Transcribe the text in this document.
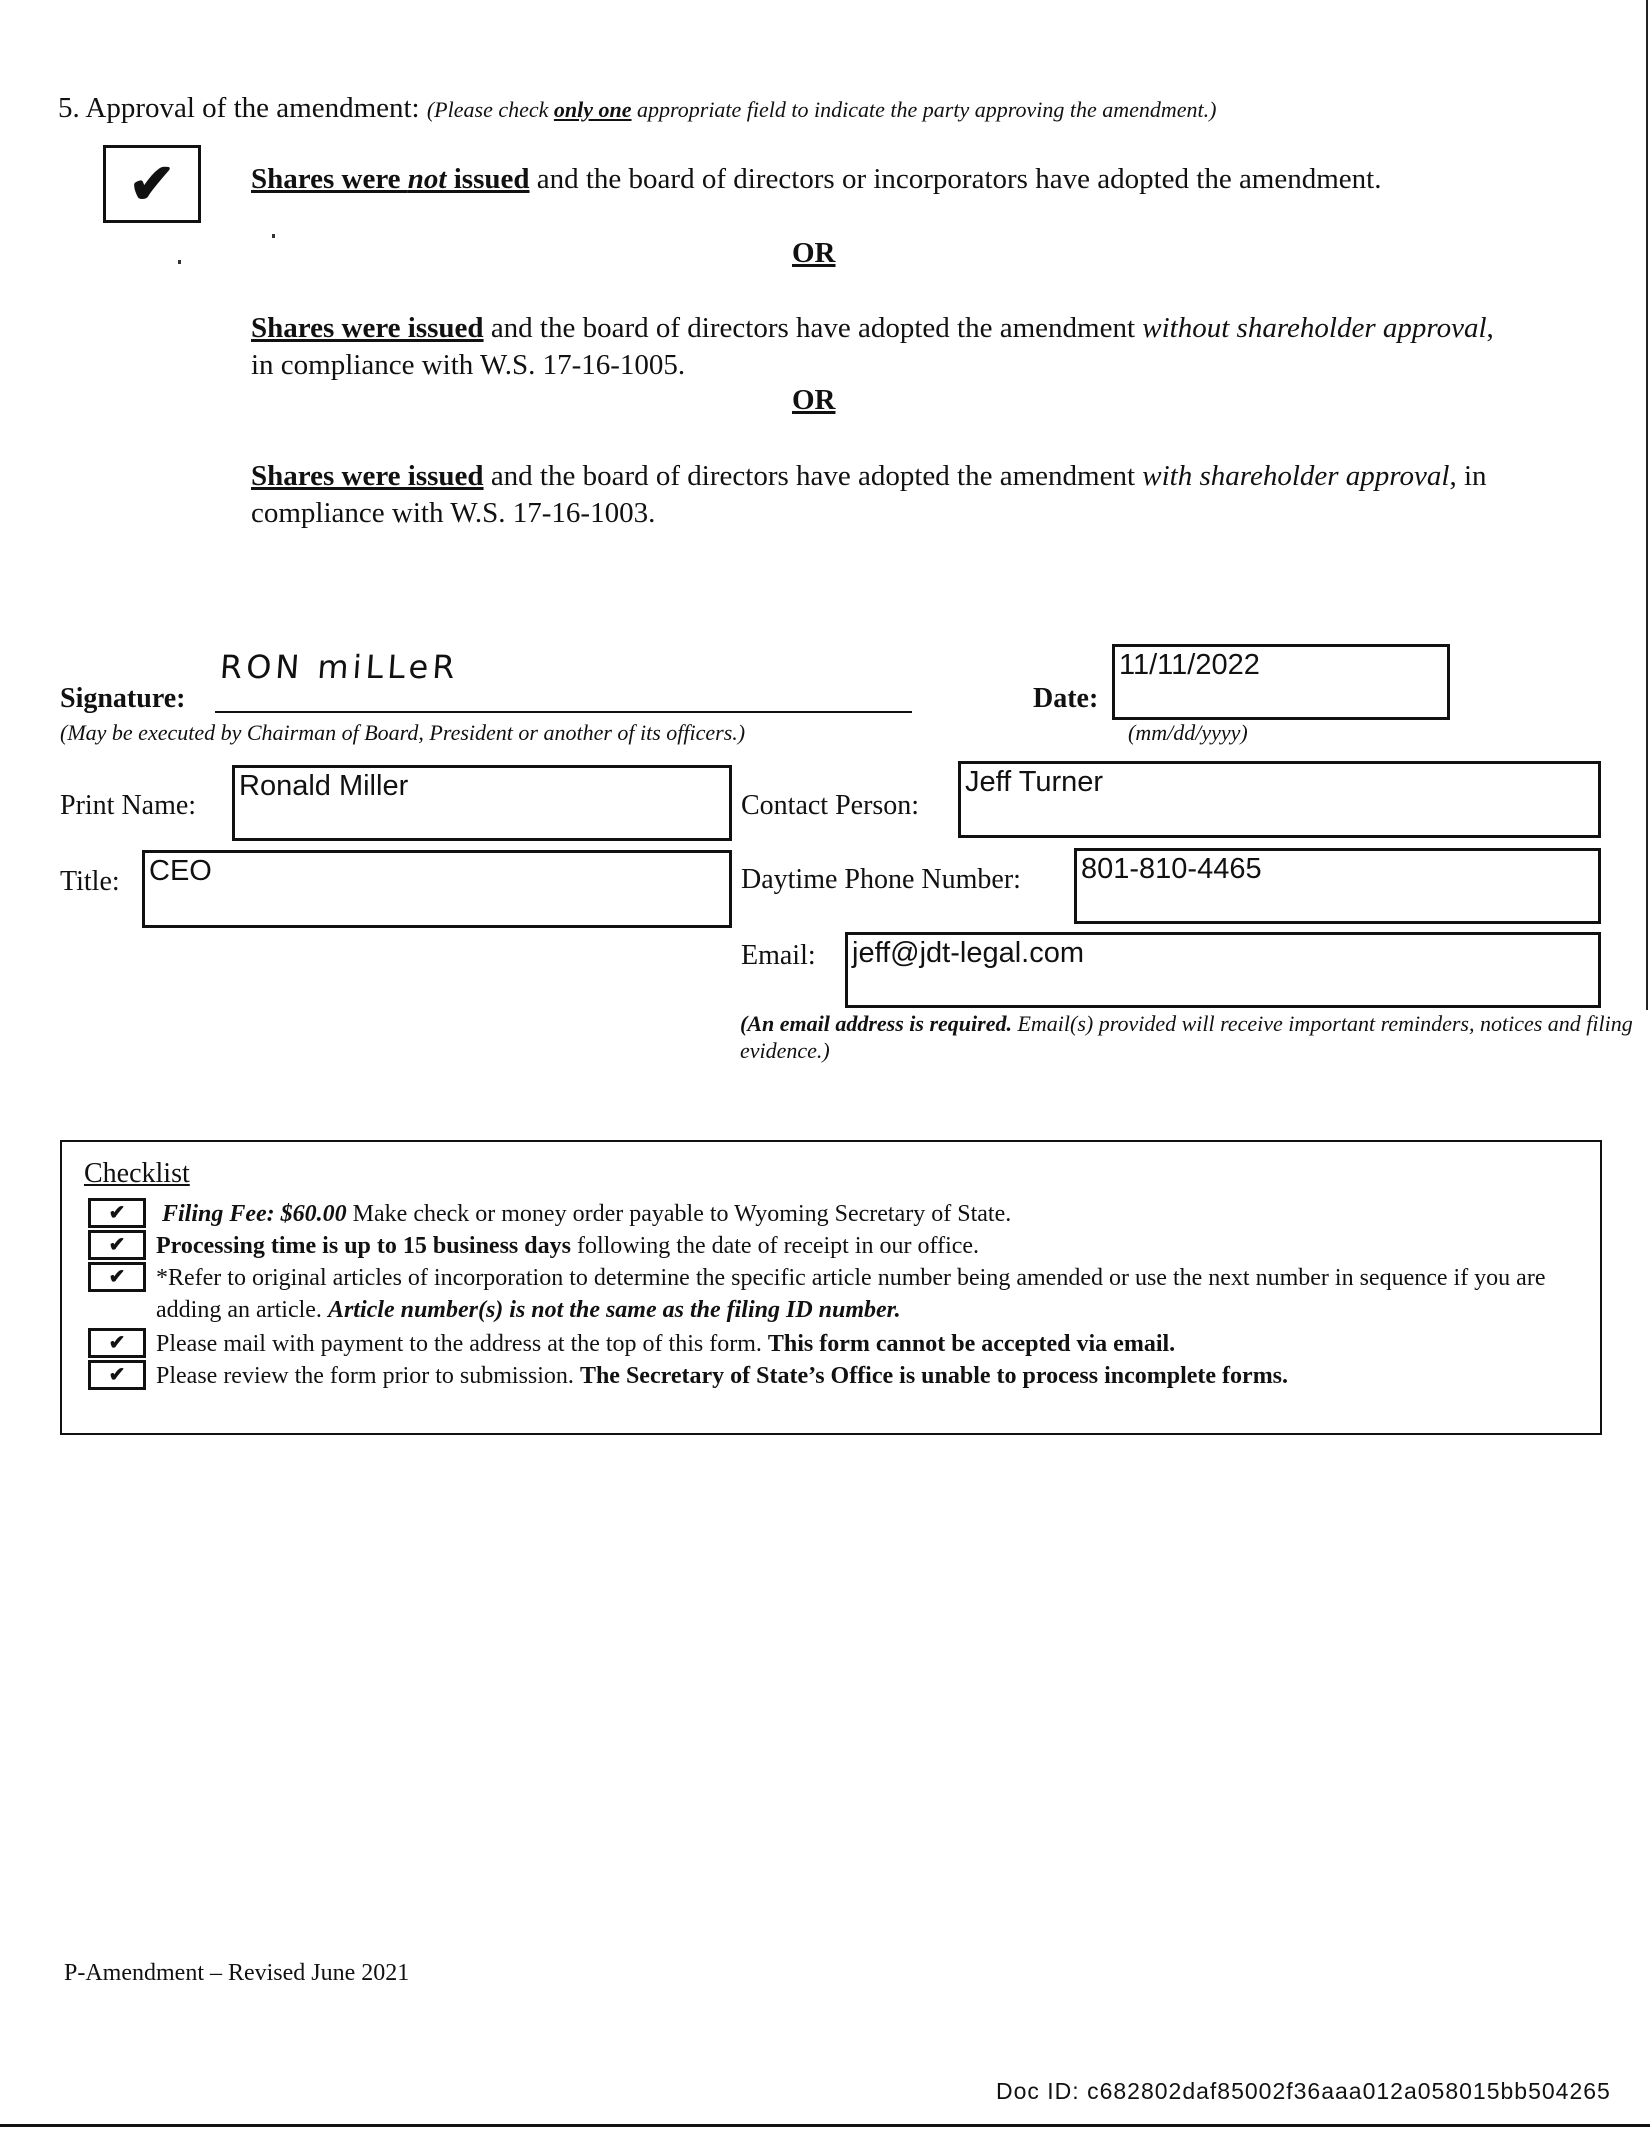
5. Approval of the amendment: (Please check only one appropriate field to indicate the party approving the amendment.)
✔	Shares were not issued and the board of directors or incorporators have adopted the amendment.
OR
Shares were issued and the board of directors have adopted the amendment without shareholder approval, in compliance with W.S. 17-16-1005.
OR
Shares were issued and the board of directors have adopted the amendment with shareholder approval, in compliance with W.S. 17-16-1003.
Signature:
RON miLLeR
(May be executed by Chairman of Board, President or another of its officers.)
Date:
11/11/2022
(mm/dd/yyyy)
Print Name:
Ronald Miller
Title: CEO
Contact Person:
Jeff Turner
Daytime Phone Number: 801-810-4465
Email: jeff@jdt-legal.com
(An email address is required. Email(s) provided will receive important reminders, notices and filing evidence.)
Checklist
✔ Filing Fee: $60.00 Make check or money order payable to Wyoming Secretary of State.
✔ Processing time is up to 15 business days following the date of receipt in our office.
✔ *Refer to original articles of incorporation to determine the specific article number being amended or use the next number in sequence if you are adding an article. Article number(s) is not the same as the filing ID number.
✔ Please mail with payment to the address at the top of this form. This form cannot be accepted via email.
✔ Please review the form prior to submission. The Secretary of State’s Office is unable to process incomplete forms.
P-Amendment – Revised June 2021
Doc ID: c682802daf85002f36aaa012a058015bb504265
